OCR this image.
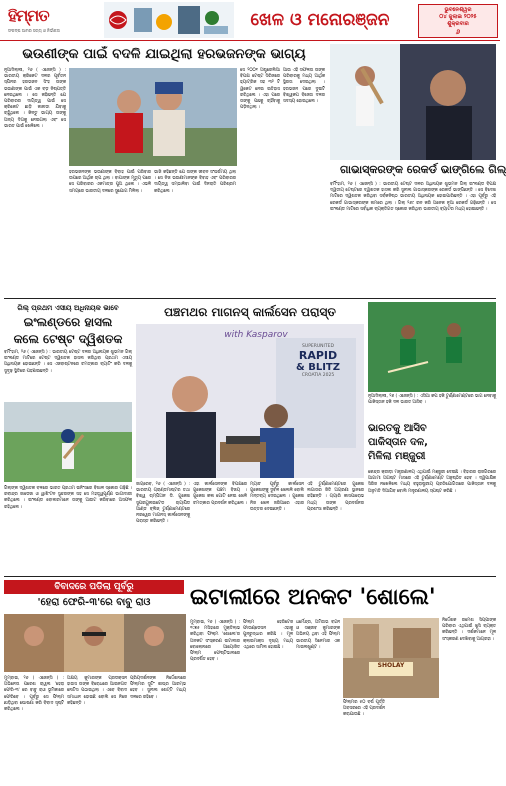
ହିମ୍ମତ
ସଂକଳ୍ପ ଆମର ସତ୍ୟ ଓ ନିର୍ଭୀକତା
ଖେଳ ଓ ମନୋରଞ୍ଜନ	ଭୁବନେଶ୍ୱର
୦୪ ଜୁଲାଇ ୨୦୨୫
ଶୁକ୍ରବାର
୬
ଭଉଣୀଙ୍କ ପାଇଁ ବଦଳି ଯାଇଥିଲା ହରଭଜନଙ୍କ ଭାଗ୍ୟ
ନୂଆଦିଲ୍ଲୀ, ୨୬ ( ଏଜେନ୍ସି ) : ଭାରତୀୟ କ୍ରିକେଟ ଦଳର ପୂର୍ବତନ ସ୍ପିନର ହରଭଜନ ସିଂହ ତାଙ୍କ ଭଉଣୀଙ୍କ ପାଇଁ ଏକ ବଡ଼ ନିଷ୍ପତ୍ତି ନେଇଥିଲେ । ସେ କହିଛନ୍ତି ଯେ ପରିବାରର ଦାୟିତ୍ୱ ପାଇଁ ସେ କ୍ରିକେଟ ଛାଡ଼ି କାନାଡା ଯିବାକୁ ଚାହୁଁଥିଲେ । କିନ୍ତୁ ଭାଗ୍ୟ ତାଙ୍କୁ ଅନ୍ୟ ଦିଗକୁ ନେଇଗଲା ଏବଂ ସେ ଭାରତ ପାଇଁ ଖେଳିଲେ ।
ହରଭଜନଙ୍କ ଭଉଣୀଙ୍କ ବିବାହ ପାଇଁ ପରିବାର ଉପରେ ଆର୍ଥିକ ଚାପ ଥିଲା । ବାପାଙ୍କ ମୃତ୍ୟୁ ପରେ ସେ ପରିବାରର ଏକମାତ୍ର ପୁଅ ଥିଲେ । ଏଭଳି ସମୟରେ ଭାରତୀୟ ଦଳରେ ସୁଯୋଗ ମିଳିଲା ।
ଭାଜି କହିଛନ୍ତି ଯେ ତାଙ୍କ ଜୀବନ ସଂଘର୍ଷମୟ ଥିଲା । ସେ ନିଜ ଭଉଣୀମାନଙ୍କ ବିବାହ ଏବଂ ପରିବାରର ଦାୟିତ୍ୱ ସମ୍ଭାଳିବା ପାଇଁ ଦିନରାତି ପରିଶ୍ରମ କରିଥିଲେ ।
ସେ ୨୦୦୧ ଅଷ୍ଟ୍ରେଲିଆ ବିପକ୍ଷ ଟେଷ୍ଟ ସିରିଜରେ ହ୍ୟାଟ୍ରିକ ସହ ୩୨ ଟି ୱିକେଟ ନେଇ ଇତିହାସ ରଚିଥିଲେ । ଏହା ପରେ ତାଙ୍କୁ ପଛକୁ ଚାହିଁବାକୁ ପଡ଼ିନଥିଲା ।
ଆଉ ଏହି ସଫଳତା ତାଙ୍କ ପରିବାରକୁ ମଧ୍ୟ ଆର୍ଥିକ ସ୍ଥିରତା ଦେଇଥିଲା । ହରଭଜନ ପରେ ଦୁଇଟି ବିଶ୍ୱକପ ବିଜେତା ଦଳର ସଦସ୍ୟ ହୋଇଥିଲେ ।
ଗାଭାସ୍କରଙ୍କ ରେକର୍ଡ ଭାଙ୍ଗିଲେ ଗିଲ୍
ବର୍ମିଂହାମ, ୨୬ ( ଏଜେନ୍ସି ) : ଭାରତୀୟ ଟେଷ୍ଟ ଦଳର ଅଧିନାୟକ ଶୁଭମନ ଗିଲ୍ ଇଂଲଣ୍ଡ ବିପକ୍ଷ ଦ୍ୱିତୀୟ ଟେଷ୍ଟରେ ଦ୍ୱିଶତକ ହାସଲ କରି ସୁନୀଲ ଗାଭାସ୍କରଙ୍କ ରେକର୍ଡ ଭାଙ୍ଗିଛନ୍ତି । ସେ ବିଦେଶ ମାଟିରେ ଦ୍ୱିଶତକ କରିଥିବା ସର୍ବକନିଷ୍ଠ ଭାରତୀୟ ଅଧିନାୟକ ହୋଇପାରିଛନ୍ତି । ଏହା ପୂର୍ବରୁ ଏହି ରେକର୍ଡ ଗାଭାସ୍କରଙ୍କ ନାମରେ ଥିଲା । ଗିଲ୍ ୨୬୯ ରନ କରି ଅନେକ ନୂଆ ରେକର୍ଡ ଗଢ଼ିଛନ୍ତି । ସେ ଇଂଲଣ୍ଡ ମାଟିରେ ସର୍ବାଧିକ ବ୍ୟକ୍ତିଗତ ସ୍କୋର କରିଥିବା ଭାରତୀୟ ବ୍ୟାଟର ମଧ୍ୟ ହୋଇଛନ୍ତି ।
ଗିଲ୍ ପ୍ରଥମ ଏସୀୟ ଅଧିନାୟକ ଭାବେ
ଇଂଲଣ୍ଡରେ ହାସଲ
କଲେ ଟେଷ୍ଟ ଦ୍ୱିଶତକ
ବର୍ମିଂହାମ, ୨୬ ( ଏଜେନ୍ସି ) : ଭାରତୀୟ ଟେଷ୍ଟ ଦଳର ଅଧିନାୟକ ଶୁଭମନ ଗିଲ୍ ଇଂଲଣ୍ଡ ମାଟିରେ ଟେଷ୍ଟ ଦ୍ୱିଶତକ ହାସଲ କରିଥିବା ପ୍ରଥମ ଏସୀୟ ଅଧିନାୟକ ହୋଇଛନ୍ତି । ସେ ଏଜବାଷ୍ଟନରେ ଚମତ୍କାର ବ୍ୟାଟିଂ କରି ଦଳକୁ ସୁଦୃଢ଼ ସ୍ଥିତିରେ ପହଞ୍ଚାଇଛନ୍ତି ।
ଗିଲ୍ଙ୍କ ଦ୍ୱିଶତକ ବଳରେ ଭାରତ ପ୍ରଥମ ଇନିଂସରେ ବିଶାଳ ସ୍କୋର ଗଢ଼ିଛି । ରବୀନ୍ଦ୍ର ଜାଡେଜା ଓ ୱାଶିଂଟନ ସୁନ୍ଦରଙ୍କ ସହ ସେ ମହତ୍ତ୍ୱପୂର୍ଣ୍ଣ ଭାଗୀଦାରୀ କରିଥିଲେ । ଇଂଲଣ୍ଡ ବୋଲରମାନେ ତାଙ୍କୁ ଆଉଟ କରିବାରେ ଅସଫଳ ରହିଥିଲେ ।
ପଞ୍ଚମଥର ମାଗନସ୍ କାର୍ଲସେନ ପରାସ୍ତ
with Kasparov
SUPERUNITED
RAPID
& BLITZ
CROATIA 2025
ଜାଗ୍ରେବ, ୨୬ ( ଏଜେନ୍ସି ) : ଭାରତୀୟ ଗ୍ରାଣ୍ଡମାଷ୍ଟର ତଥା ବିଶ୍ୱ ଚାମ୍ପିଅନ ଡି. ଗୁକେଶ ସୁପରୟୁନାଇଟେଡ ର‍୍ୟାପିଡ ଆଣ୍ଡ ବ୍ଲିଜ୍ ଟୁର୍ଣ୍ଣାମେଣ୍ଟରେ ନରୱେର ମାଗନସ୍ କାର୍ଲସେନଙ୍କୁ ପରାସ୍ତ କରିଛନ୍ତି ।
ଏହା କାର୍ଲସେନଙ୍କ ବିପକ୍ଷରେ ଗୁକେଶଙ୍କ ପଞ୍ଚମ ବିଜୟ । ଗୁକେଶ କଳା ଗୋଟି ନେଇ ଖେଳି ଚମତ୍କାର ପ୍ରଦର୍ଶନ କରିଥିଲେ ।
ମ୍ୟାଚ ପୂର୍ବରୁ କାର୍ଲସେନ ଗୁକେଶଙ୍କୁ ଦୁର୍ବଳ ଖେଳାଳି ବୋଲି ମନ୍ତବ୍ୟ ଦେଇଥିଲେ । ଗୁକେଶ ନିଜ ଖେଳ ଜରିଆରେ ଏହାର ଉତ୍ତର ଦେଇଛନ୍ତି ।
ଏହି ଟୁର୍ଣ୍ଣାମେଣ୍ଟରେ ଗୁକେଶ ଲଗାତାର ଜିତି ଅଗ୍ରଣୀ ସ୍ଥାନରେ ରହିଛନ୍ତି । ଗ୍ୟାରି କାସପାରୋଭ ମଧ୍ୟ ତାଙ୍କ ପ୍ରଦର୍ଶନର ପ୍ରଶଂସା କରିଛନ୍ତି ।
ନୂଆଦିଲ୍ଲୀ, ୨୬ ( ଏଜେନ୍ସି ) : ଏସିଆ କପ ହକି ଟୁର୍ଣ୍ଣାମେଣ୍ଟରେ ଭାଗ ନେବାକୁ ପାକିସ୍ତାନ ହକି ଦଳ ଭାରତ ଆସିବ ।
ଭାରତକୁ ଆସିବ
ପାକିସ୍ତାନ ଦଳ,
ମିଳିଲା ମଞ୍ଜୁରୀ
କେନ୍ଦ୍ର କ୍ରୀଡ଼ା ମନ୍ତ୍ରଣାଳୟ ଏଥିପାଇଁ ମଞ୍ଜୁରୀ ଦେଇଛି । ବିହାରର ରାଜଗିରରେ ଆଗାମୀ ଅଗଷ୍ଟ ମାସରେ ଏହି ଟୁର୍ଣ୍ଣାମେଣ୍ଟ ଅନୁଷ୍ଠିତ ହେବ । ଦ୍ୱିପାକ୍ଷିକ ସିରିଜ ନଖେଳିଲେ ମଧ୍ୟ ବହୁରାଷ୍ଟ୍ରୀୟ ପ୍ରତିଯୋଗିତାରେ ପାକିସ୍ତାନ ଦଳକୁ ଅନୁମତି ଦିଆଯିବ ବୋଲି ମନ୍ତ୍ରଣାଳୟ ସ୍ପଷ୍ଟ କରିଛି ।
ବିବାଦରେ ପଡିଲା ପୂର୍ବରୁ
'ହେରା ଫେରି-୩'ରେ ବାବୁ ରାଓ
ମୁମ୍ବାଇ, ୨୬ ( ଏଜେନ୍ସି ) : ଅଭିନେତା ପରେଶ ରାୱଲ 'ହେରା ଫେରି-୩' ରେ ବାବୁ ରାଓ ଭୂମିକାରେ ଫେରିବେ । ପୂର୍ବରୁ ସେ ଫିଲ୍ମ ଛାଡ଼ିଥିବା ଘୋଷଣା କରି ବିବାଦ ସୃଷ୍ଟି କରିଥିଲେ ।
ଅକ୍ଷୟ କୁମାରଙ୍କ ପ୍ରଡକ୍ସନ ହାଉସ ତାଙ୍କ ବିରୋଧରେ ଆଇନଗତ ନୋଟିସ ପଠାଇଥିଲା । ଏବେ ବିବାଦ ସମାଧାନ ହୋଇଛି ବୋଲି ସେ ନିଜେ କହିଛନ୍ତି ।
ପ୍ରିୟଦର୍ଶନଙ୍କ ନିର୍ଦ୍ଦେଶନାରେ ଫିଲ୍ମର ସୁଟିଂ ଶୀଘ୍ର ଆରମ୍ଭ ହେବ । ସୁନୀଲ ଶେଟ୍ଟି ମଧ୍ୟ ଦଳରେ ରହିବେ ।
ଇଟାଲୀରେ ଅନକଟ 'ଶୋଲେ'
ମୁମ୍ବାଇ, ୨୬ ( ଏଜେନ୍ସି ) : ୧୯୭୫ ମସିହାରେ ମୁକ୍ତିଲାଭ କରିଥିବା ଫିଲ୍ମ 'ଶୋଲେ'ର ଅନକଟ ସଂସ୍କରଣ ଇଟାଲୀର ବୋଲୋନାରେ ଆୟୋଜିତ ଫିଲ୍ମ ଫେଷ୍ଟିଭାଲରେ ପ୍ରଦର୍ଶିତ ହେବ ।
ଫିଲ୍ମ ହେରିଟେଜ ଫାଉଣ୍ଡେସନ ଏହାକୁ ପୁନରୁଦ୍ଧାର କରିଛି । ମୂଳ କ୍ଲାଇମାକ୍ସ ଦୃଶ୍ୟ ମଧ୍ୟ ଏଥିରେ ସାମିଲ ହୋଇଛି ।
ଧର୍ମେନ୍ଦ୍ର, ଅମିତାଭ ବଚ୍ଚନ ଓ ସଞ୍ଜୀବ କୁମାରଙ୍କ ଅଭିନୟ ଥିବା ଏହି ଫିଲ୍ମ ଭାରତୀୟ ସିନେମାର ଏକ ମାଇଲଖୁଣ୍ଟ ।
ଫିଲ୍ମର ୫୦ ବର୍ଷ ପୂର୍ତ୍ତି ଅବସରରେ ଏହି ପ୍ରଦର୍ଶନ କରାଯାଉଛି ।
SHOLAY
ନିର୍ଦ୍ଦେଶକ ରମେଶ ସିପ୍ପୀଙ୍କ ପରିବାର ଏଥିପାଇଁ ଖୁସି ବ୍ୟକ୍ତ କରିଛନ୍ତି । ଦର୍ଶକମାନେ ମୂଳ ସଂସ୍କରଣ ଦେଖିବାକୁ ଆଗ୍ରହୀ ।
